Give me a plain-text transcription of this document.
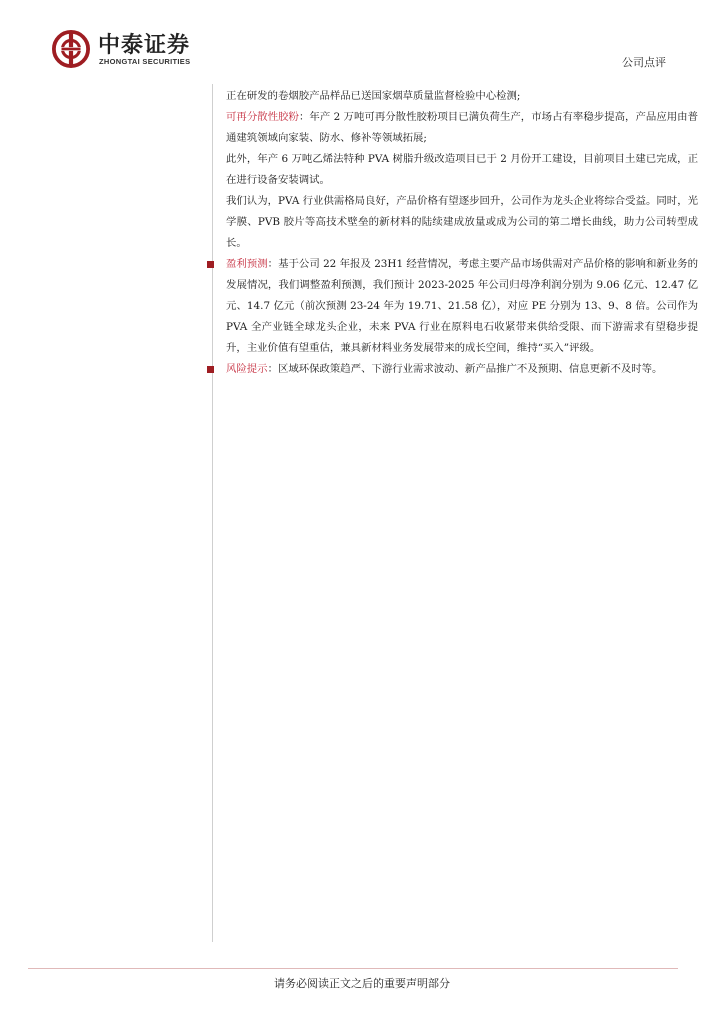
中泰证券
ZHONGTAI SECURITIES	公司点评

正在研发的卷烟胶产品样品已送国家烟草质量监督检验中心检测;

可再分散性胶粉：年产 2 万吨可再分散性胶粉项目已满负荷生产，市场占有率稳步提高，产品应用由普通建筑领域向家装、防水、修补等领域拓展;

此外，年产 6 万吨乙烯法特种 PVA 树脂升级改造项目已于 2 月份开工建设，目前项目土建已完成，正在进行设备安装调试。

我们认为，PVA 行业供需格局良好，产品价格有望逐步回升，公司作为龙头企业将综合受益。同时，光学膜、PVB 胶片等高技术壁垒的新材料的陆续建成放量或成为公司的第二增长曲线，助力公司转型成长。

盈利预测：基于公司 22 年报及 23H1 经营情况，考虑主要产品市场供需对产品价格的影响和新业务的发展情况，我们调整盈利预测，我们预计 2023-2025 年公司归母净利润分别为 9.06 亿元、12.47 亿元、14.7 亿元（前次预测 23-24 年为 19.71、21.58 亿），对应 PE 分别为 13、9、8 倍。公司作为 PVA 全产业链全球龙头企业，未来 PVA 行业在原料电石收紧带来供给受限、而下游需求有望稳步提升，主业价值有望重估，兼具新材料业务发展带来的成长空间，维持“买入”评级。

风险提示：区域环保政策趋严、下游行业需求波动、新产品推广不及预期、信息更新不及时等。

请务必阅读正文之后的重要声明部分
